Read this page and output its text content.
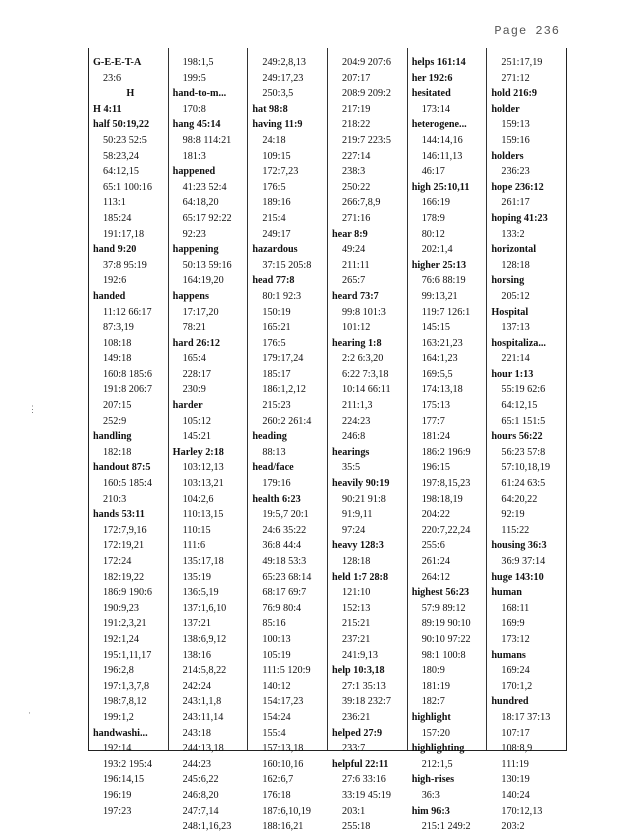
Page 236
⋮
·
G-E-E-T-A
23:6
H
H 4:11
half 50:19,22
50:23 52:5
58:23,24
64:12,15
65:1 100:16
113:1
185:24
191:17,18
hand 9:20
37:8 95:19
192:6
handed
11:12 66:17
87:3,19
108:18
149:18
160:8 185:6
191:8 206:7
207:15
252:9
handling
182:18
handout 87:5
160:5 185:4
210:3
hands 53:11
172:7,9,16
172:19,21
172:24
182:19,22
186:9 190:6
190:9,23
191:2,3,21
192:1,24
195:1,11,17
196:2,8
197:1,3,7,8
198:7,8,12
199:1,2
handwashi...
192:14
193:2 195:4
196:14,15
196:19
197:23
198:1,5
199:5
hand-to-m...
170:8
hang 45:14
98:8 114:21
181:3
happened
41:23 52:4
64:18,20
65:17 92:22
92:23
happening
50:13 59:16
164:19,20
happens
17:17,20
78:21
hard 26:12
165:4
228:17
230:9
harder
105:12
145:21
Harley 2:18
103:12,13
103:13,21
104:2,6
110:13,15
110:15
111:6
135:17,18
135:19
136:5,19
137:1,6,10
137:21
138:6,9,12
138:16
214:5,8,22
242:24
243:1,1,8
243:11,14
243:18
244:13,18
244:23
245:6,22
246:8,20
247:7,14
248:1,16,23
249:2,8,13
249:17,23
250:3,5
hat 98:8
having 11:9
24:18
109:15
172:7,23
176:5
189:16
215:4
249:17
hazardous
37:15 205:8
head 77:8
80:1 92:3
150:19
165:21
176:5
179:17,24
185:17
186:1,2,12
215:23
260:2 261:4
heading
88:13
head/face
179:16
health 6:23
19:5,7 20:1
24:6 35:22
36:8 44:4
49:18 53:3
65:23 68:14
68:17 69:7
76:9 80:4
85:16
100:13
105:19
111:5 120:9
140:12
154:17,23
154:24
155:4
157:13,18
160:10,16
162:6,7
176:18
187:6,10,19
188:16,21
204:9 207:6
207:17
208:9 209:2
217:19
218:22
219:7 223:5
227:14
238:3
250:22
266:7,8,9
271:16
hear 8:9
49:24
211:11
265:7
heard 73:7
99:8 101:3
101:12
hearing 1:8
2:2 6:3,20
6:22 7:3,18
10:14 66:11
211:1,3
224:23
246:8
hearings
35:5
heavily 90:19
90:21 91:8
91:9,11
97:24
heavy 128:3
128:18
held 1:7 28:8
121:10
152:13
215:21
237:21
241:9,13
help 10:3,18
27:1 35:13
39:18 232:7
236:21
helped 27:9
233:7
helpful 22:11
27:6 33:16
33:19 45:19
203:1
255:18
helps 161:14
her 192:6
hesitated
173:14
heterogene...
144:14,16
146:11,13
46:17
high 25:10,11
166:19
178:9
80:12
202:1,4
higher 25:13
76:6 88:19
99:13,21
119:7 126:1
145:15
163:21,23
164:1,23
169:5,5
174:13,18
175:13
177:7
181:24
186:2 196:9
196:15
197:8,15,23
198:18,19
204:22
220:7,22,24
255:6
261:24
264:12
highest 56:23
57:9 89:12
89:19 90:10
90:10 97:22
98:1 100:8
180:9
181:19
182:7
highlight
157:20
highlighting
212:1,5
high-rises
36:3
him 96:3
215:1 249:2
251:17,19
271:12
hold 216:9
holder
159:13
159:16
holders
236:23
hope 236:12
261:17
hoping 41:23
133:2
horizontal
128:18
horsing
205:12
Hospital
137:13
hospitaliza...
221:14
hour 1:13
55:19 62:6
64:12,15
65:1 151:5
hours 56:22
56:23 57:8
57:10,18,19
61:24 63:5
64:20,22
92:19
115:22
housing 36:3
36:9 37:14
huge 143:10
human
168:11
169:9
173:12
humans
169:24
170:1,2
hundred
18:17 37:13
107:17
108:8,9
111:19
130:19
140:24
170:12,13
203:2
